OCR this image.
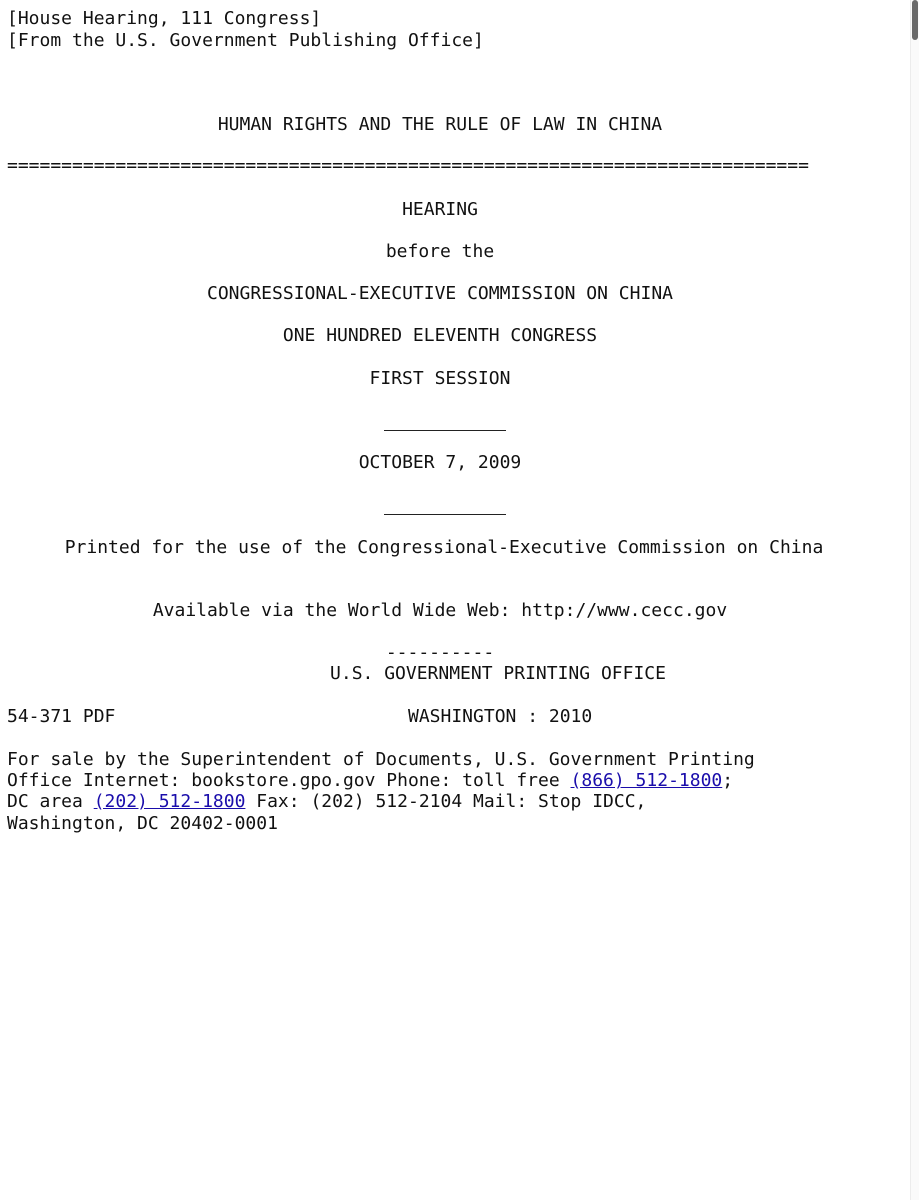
[House Hearing, 111 Congress]
[From the U.S. Government Publishing Office]
HUMAN RIGHTS AND THE RULE OF LAW IN CHINA
==========================================================================
HEARING
before the
CONGRESSIONAL-EXECUTIVE COMMISSION ON CHINA
ONE HUNDRED ELEVENTH CONGRESS
FIRST SESSION
OCTOBER 7, 2009
Printed for the use of the Congressional-Executive Commission on China
Available via the World Wide Web: http://www.cecc.gov
----------
U.S. GOVERNMENT PRINTING OFFICE
54-371 PDF	WASHINGTON : 2010
For sale by the Superintendent of Documents, U.S. Government Printing
Office Internet: bookstore.gpo.gov Phone: toll free (866) 512-1800;
DC area (202) 512-1800 Fax: (202) 512-2104 Mail: Stop IDCC,
Washington, DC 20402-0001
